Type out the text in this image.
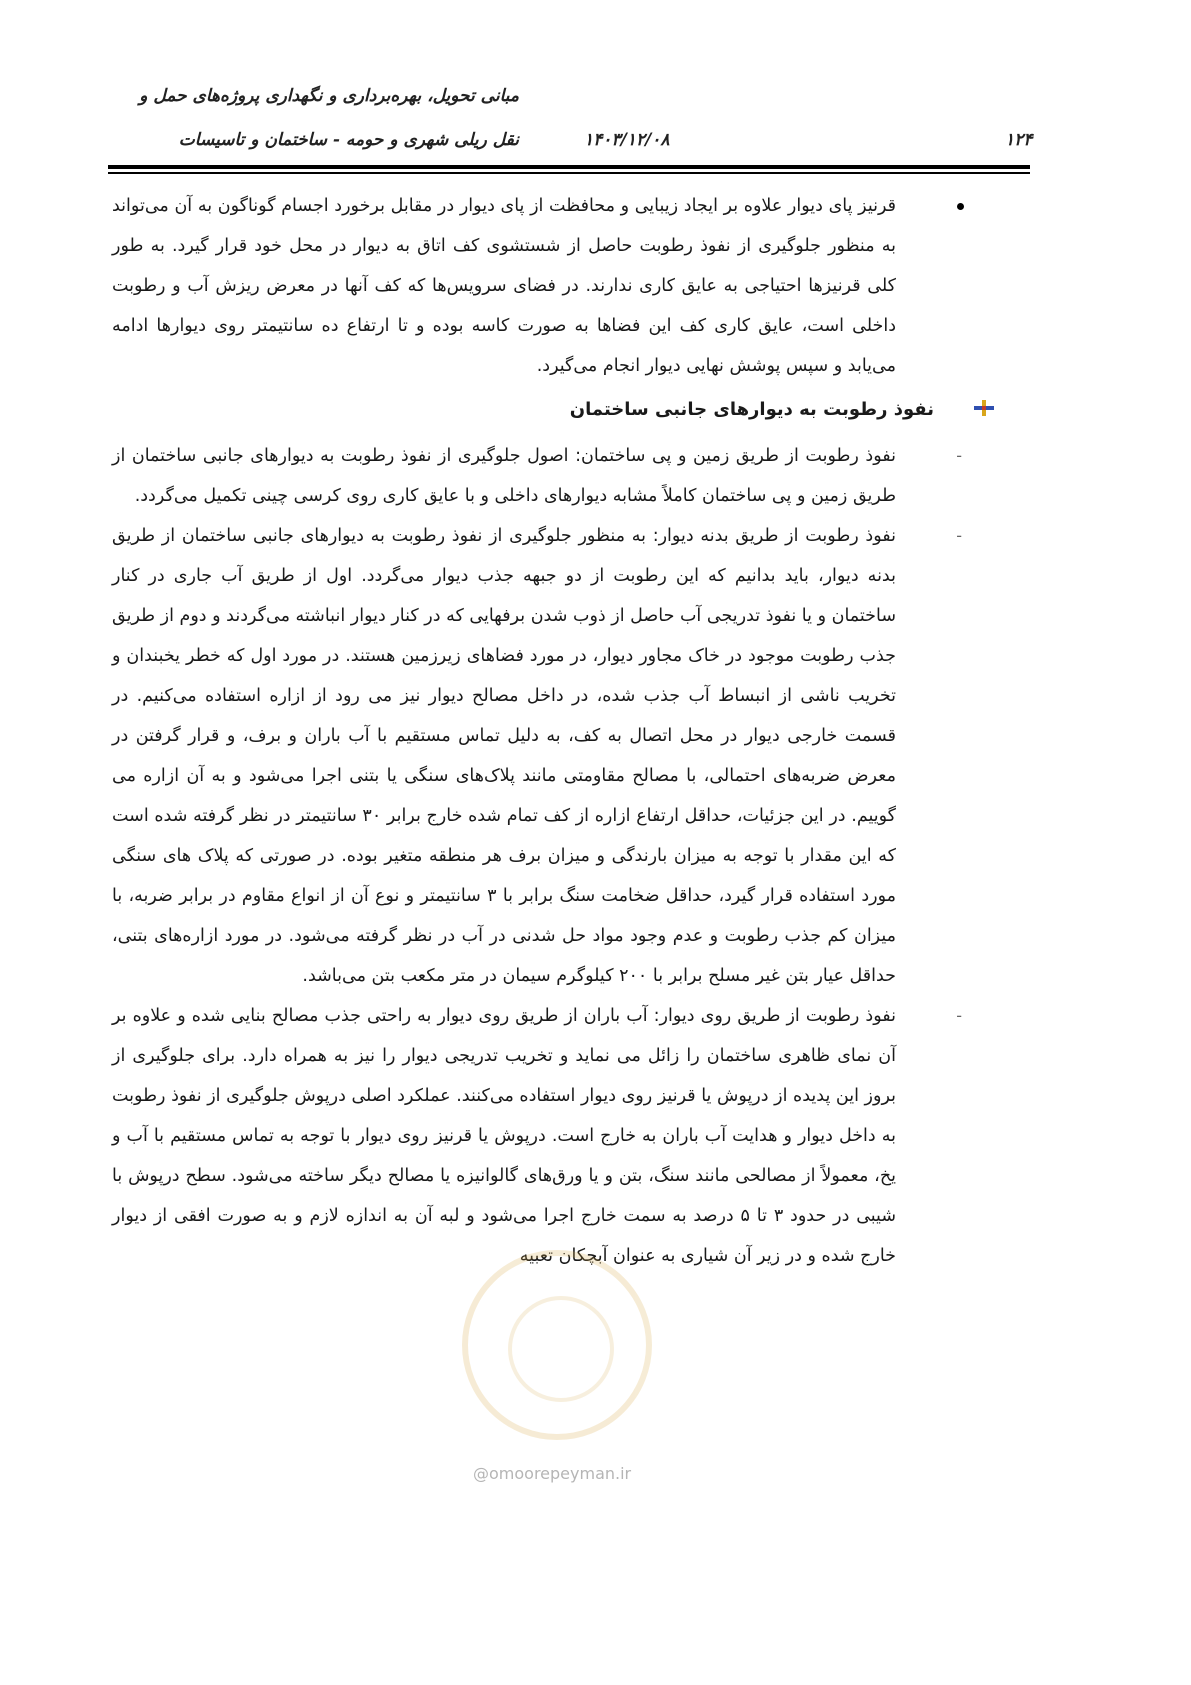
مبانی تحویل، بهره‌برداری و نگهداری پروژه‌های حمل و
نقل ریلی شهری و حومه - ساختمان و تاسیسات	۱۴۰۳/۱۲/۰۸	۱۲۴

قرنیز پای دیوار علاوه بر ایجاد زیبایی و محافظت از پای دیوار در مقابل برخورد اجسام گوناگون به آن می‌تواند به منظور جلوگیری از نفوذ رطوبت حاصل از شستشوی کف اتاق به دیوار در محل خود قرار گیرد. به طور کلی قرنیزها احتیاجی به عایق کاری ندارند. در فضای سرویس‌ها که کف آنها در معرض ریزش آب و رطوبت داخلی است، عایق کاری کف این فضاها به صورت کاسه بوده و تا ارتفاع ده سانتیمتر روی دیوارها ادامه می‌یابد و سپس پوشش نهایی دیوار انجام می‌گیرد.

نفوذ رطوبت به دیوارهای جانبی ساختمان

-
نفوذ رطوبت از طریق زمین و پی ساختمان: اصول جلوگیری از نفوذ رطوبت به دیوارهای جانبی ساختمان از طریق زمین و پی ساختمان کاملاً مشابه دیوارهای داخلی و با عایق کاری روی کرسی چینی تکمیل می‌گردد.

-
نفوذ رطوبت از طریق بدنه دیوار: به منظور جلوگیری از نفوذ رطوبت به دیوارهای جانبی ساختمان از طریق بدنه دیوار، باید بدانیم که این رطوبت از دو جبهه جذب دیوار می‌گردد. اول از طریق آب جاری در کنار ساختمان و یا نفوذ تدریجی آب حاصل از ذوب شدن برفهایی که در کنار دیوار انباشته می‌گردند و دوم از طریق جذب رطوبت موجود در خاک مجاور دیوار، در مورد فضاهای زیرزمین هستند. در مورد اول که خطر یخبندان و تخریب ناشی از انبساط آب جذب شده، در داخل مصالح دیوار نیز می رود از ازاره استفاده می‌کنیم. در قسمت خارجی دیوار در محل اتصال به کف، به دلیل تماس مستقیم با آب باران و برف، و قرار گرفتن در معرض ضربه‌های احتمالی، با مصالح مقاومتی مانند پلاک‌های سنگی یا بتنی اجرا می‌شود و به آن ازاره می گوییم. در این جزئیات، حداقل ارتفاع ازاره از کف تمام شده خارج برابر ۳۰ سانتیمتر در نظر گرفته شده است که این مقدار با توجه به میزان بارندگی و میزان برف هر منطقه متغیر بوده. در صورتی که پلاک های سنگی مورد استفاده قرار گیرد، حداقل ضخامت سنگ برابر با ۳ سانتیمتر و نوع آن از انواع مقاوم در برابر ضربه، با میزان کم جذب رطوبت و عدم وجود مواد حل شدنی در آب در نظر گرفته می‌شود. در مورد ازاره‌های بتنی، حداقل عیار بتن غیر مسلح برابر با ۲۰۰ کیلوگرم سیمان در متر مکعب بتن می‌باشد.

-
نفوذ رطوبت از طریق روی دیوار: آب باران از طریق روی دیوار به راحتی جذب مصالح بنایی شده و علاوه بر آن نمای ظاهری ساختمان را زائل می نماید و تخریب تدریجی دیوار را نیز به همراه دارد. برای جلوگیری از بروز این پدیده از درپوش یا قرنیز روی دیوار استفاده می‌کنند. عملکرد اصلی درپوش جلوگیری از نفوذ رطوبت به داخل دیوار و هدایت آب باران به خارج است. درپوش یا قرنیز روی دیوار با توجه به تماس مستقیم با آب و یخ، معمولاً از مصالحی مانند سنگ، بتن و یا ورق‌های گالوانیزه یا مصالح دیگر ساخته می‌شود. سطح درپوش با شیبی در حدود ۳ تا ۵ درصد به سمت خارج اجرا می‌شود و لبه آن به اندازه لازم و به صورت افقی از دیوار خارج شده و در زیر آن شیاری به عنوان آبچکان تعبیه

@omoorepeyman.ir
